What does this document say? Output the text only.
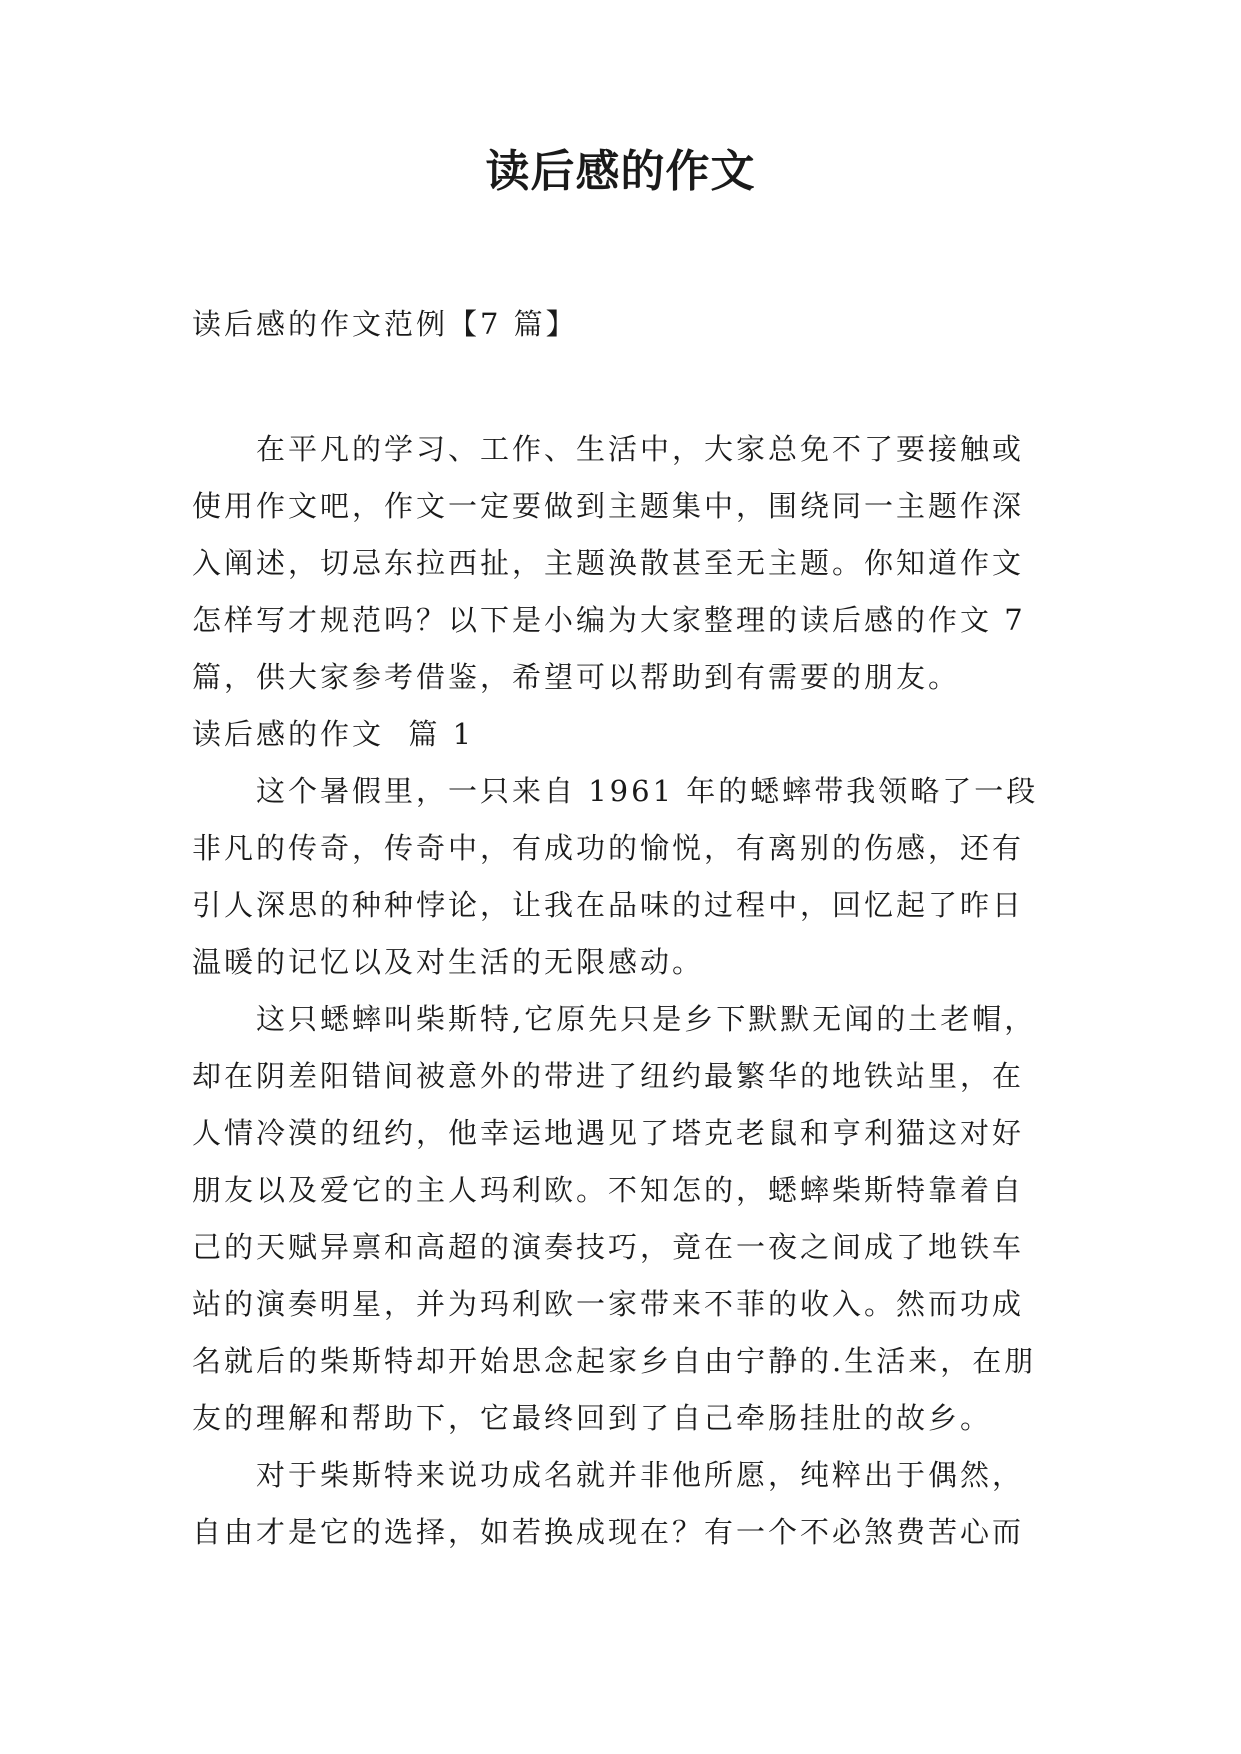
读后感的作文

读后感的作文范例【7 篇】

在平凡的学习、工作、生活中，大家总免不了要接触或使用作文吧，作文一定要做到主题集中，围绕同一主题作深入阐述，切忌东拉西扯，主题涣散甚至无主题。你知道作文怎样写才规范吗？以下是小编为大家整理的读后感的作文 7 篇，供大家参考借鉴，希望可以帮助到有需要的朋友。

读后感的作文  篇 1

这个暑假里，一只来自 1961 年的蟋蟀带我领略了一段非凡的传奇，传奇中，有成功的愉悦，有离别的伤感，还有引人深思的种种悖论，让我在品味的过程中，回忆起了昨日温暖的记忆以及对生活的无限感动。

这只蟋蟀叫柴斯特,它原先只是乡下默默无闻的土老帽，却在阴差阳错间被意外的带进了纽约最繁华的地铁站里，在人情冷漠的纽约，他幸运地遇见了塔克老鼠和亨利猫这对好朋友以及爱它的主人玛利欧。不知怎的，蟋蟀柴斯特靠着自己的天赋异禀和高超的演奏技巧，竟在一夜之间成了地铁车站的演奏明星，并为玛利欧一家带来不菲的收入。然而功成名就后的柴斯特却开始思念起家乡自由宁静的.生活来，在朋友的理解和帮助下，它最终回到了自己牵肠挂肚的故乡。

对于柴斯特来说功成名就并非他所愿，纯粹出于偶然，自由才是它的选择，如若换成现在？有一个不必煞费苦心而
